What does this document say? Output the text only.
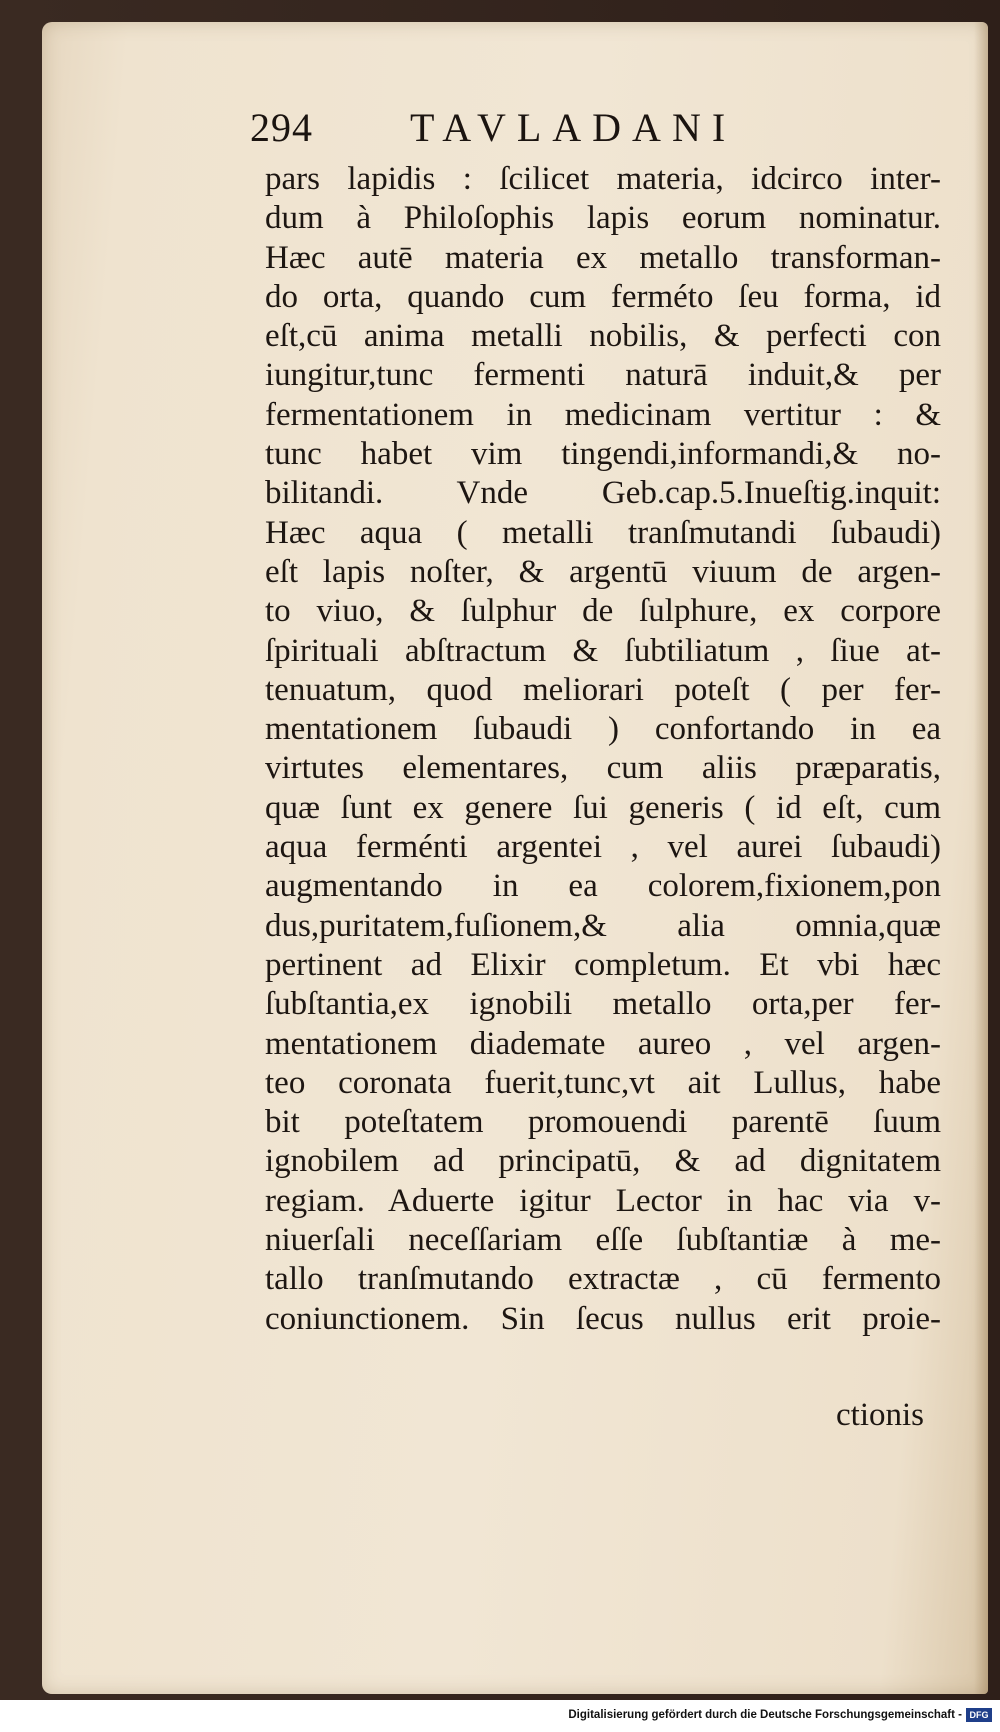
294 TAVLADANI
pars lapidis : ſcilicet materia, idcirco inter-
dum à Philoſophis lapis eorum nominatur.
Hæc autē materia ex metallo transforman-
do orta, quando cum ferméto ſeu forma, id
eſt,cū anima metalli nobilis, & perfecti con
iungitur,tunc fermenti naturā induit,& per
fermentationem in medicinam vertitur : &
tunc habet vim tingendi,informandi,& no-
bilitandi. Vnde Geb.cap.5.Inueſtig.inquit:
Hæc aqua ( metalli tranſmutandi ſubaudi)
eſt lapis noſter, & argentū viuum de argen-
to viuo, & ſulphur de ſulphure, ex corpore
ſpirituali abſtractum & ſubtiliatum , ſiue at-
tenuatum, quod meliorari poteſt ( per fer-
mentationem ſubaudi ) confortando in ea
virtutes elementares, cum aliis præparatis,
quæ ſunt ex genere ſui generis ( id eſt, cum
aqua ferménti argentei , vel aurei ſubaudi)
augmentando in ea colorem,fixionem,pon
dus,puritatem,fuſionem,& alia omnia,quæ
pertinent ad Elixir completum. Et vbi hæc
ſubſtantia,ex ignobili metallo orta,per fer-
mentationem diademate aureo , vel argen-
teo coronata fuerit,tunc,vt ait Lullus, habe
bit poteſtatem promouendi parentē ſuum
ignobilem ad principatū, & ad dignitatem
regiam. Aduerte igitur Lector in hac via v-
niuerſali neceſſariam eſſe ſubſtantiæ à me-
tallo tranſmutando extractæ , cū fermento
coniunctionem. Sin ſecus nullus erit proie-
ctionis
Digitalisierung gefördert durch die Deutsche Forschungsgemeinschaft - DFG
